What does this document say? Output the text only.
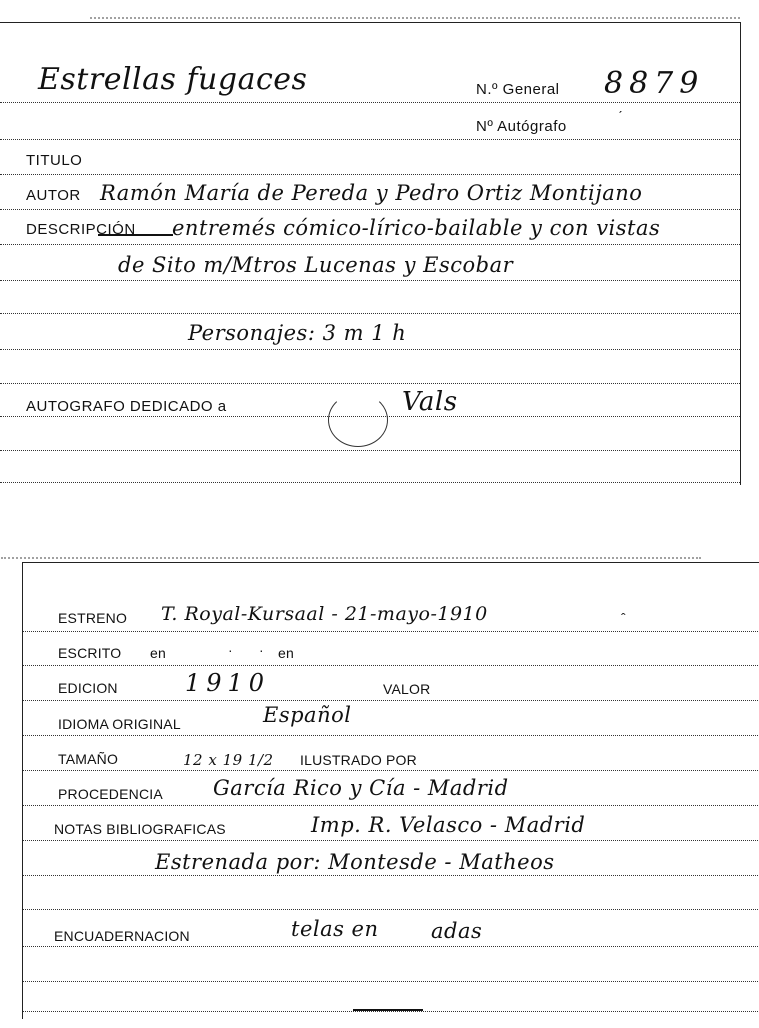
Estrellas fugaces	N.º General 8879
Nº Autógrafo
ˊ
TITULO
AUTOR Ramón María de Pereda y Pedro Ortiz Montijano
DESCRIPCIÓN entremés cómico-lírico-bailable y con vistas
de Sito m/Mtros Lucenas y Escobar
Personajes: 3 m 1 h
AUTOGRAFO DEDICADO a	Vals
ESTRENO T. Royal-Kursaal - 21-mayo-1910	ˆ
ESCRITO en	· · en
EDICION	1910	VALOR
IDIOMA ORIGINAL	Español
TAMAÑO	12 x 19 1/2 ILUSTRADO POR
PROCEDENCIA García Rico y Cía - Madrid
NOTAS BIBLIOGRAFICAS	Imp. R. Velasco - Madrid
Estrenada por: Montesde - Matheos
ENCUADERNACION	telas en adas
